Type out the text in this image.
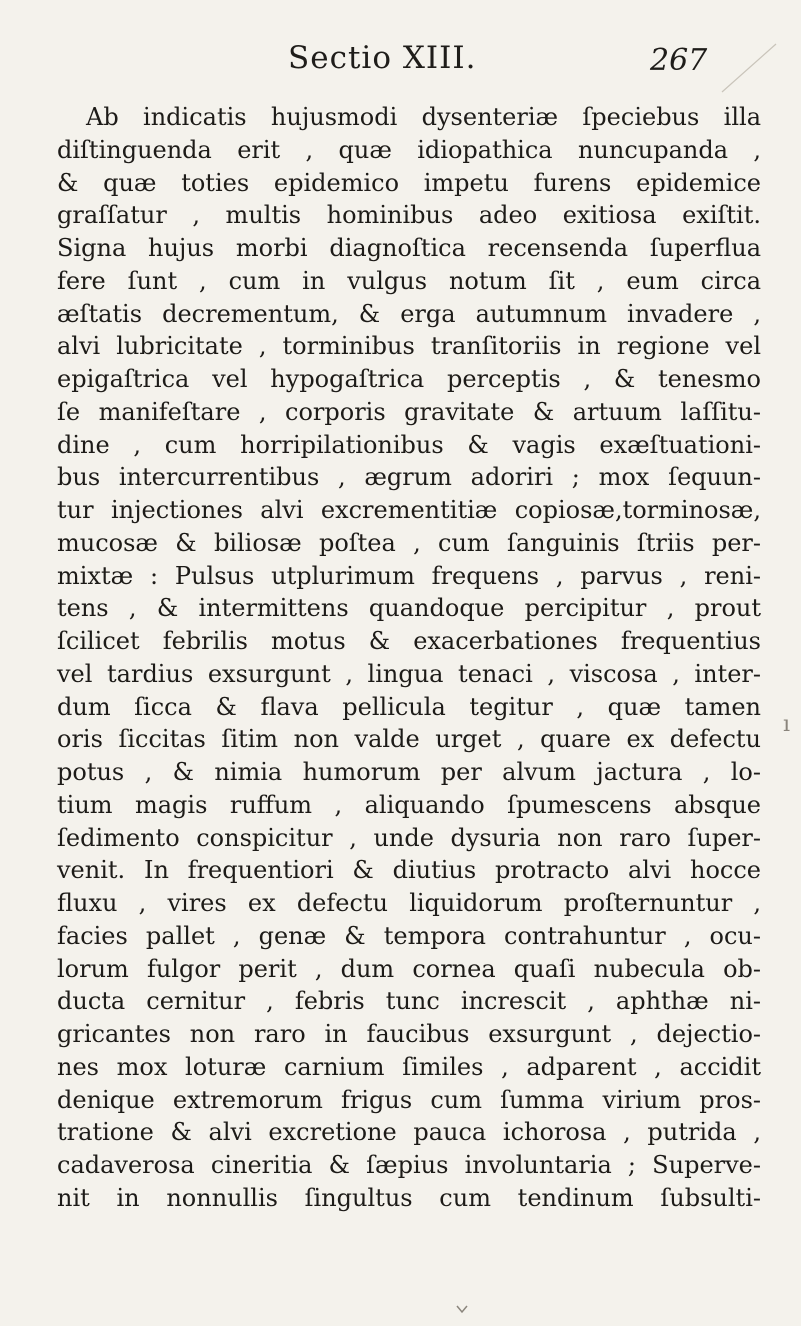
Sectio XIII.	267
Ab indicatis hujusmodi dysenteriæ ſpeciebus illa
diſtinguenda erit , quæ idiopathica nuncupanda ,
& quæ toties epidemico impetu furens epidemice
graſſatur , multis hominibus adeo exitiosa exiſtit.
Signa hujus morbi diagnoſtica recensenda ſuperflua
fere ſunt , cum in vulgus notum ſit , eum circa
æſtatis decrementum, & erga autumnum invadere ,
alvi lubricitate , torminibus tranſitoriis in regione vel
epigaſtrica vel hypogaſtrica perceptis , & tenesmo
ſe manifeſtare , corporis gravitate & artuum laſſitu-
dine , cum horripilationibus & vagis exæſtuationi-
bus intercurrentibus , ægrum adoriri ; mox ſequun-
tur injectiones alvi excrementitiæ copiosæ,torminosæ,
mucosæ & biliosæ poſtea , cum ſanguinis ſtriis per-
mixtæ : Pulsus utplurimum frequens , parvus , reni-
tens , & intermittens quandoque percipitur , prout
ſcilicet febrilis motus & exacerbationes frequentius
vel tardius exsurgunt , lingua tenaci , viscosa , inter-
dum ſicca & flava pellicula tegitur , quæ tamen
oris ſiccitas ſitim non valde urget , quare ex defectu
potus , & nimia humorum per alvum jactura , lo-
tium magis ruffum , aliquando ſpumescens absque
ſedimento conspicitur , unde dysuria non raro ſuper-
venit. In frequentiori & diutius protracto alvi hocce
fluxu , vires ex defectu liquidorum proſternuntur ,
facies pallet , genæ & tempora contrahuntur , ocu-
lorum fulgor perit , dum cornea quaſi nubecula ob-
ducta cernitur , febris tunc increscit , aphthæ ni-
gricantes non raro in faucibus exsurgunt , dejectio-
nes mox loturæ carnium ſimiles , adparent , accidit
denique extremorum frigus cum ſumma virium pros-
tratione & alvi excretione pauca ichorosa , putrida ,
cadaverosa cineritia & ſæpius involuntaria ; Superve-
nit in nonnullis ſingultus cum tendinum ſubsulti-
ı
